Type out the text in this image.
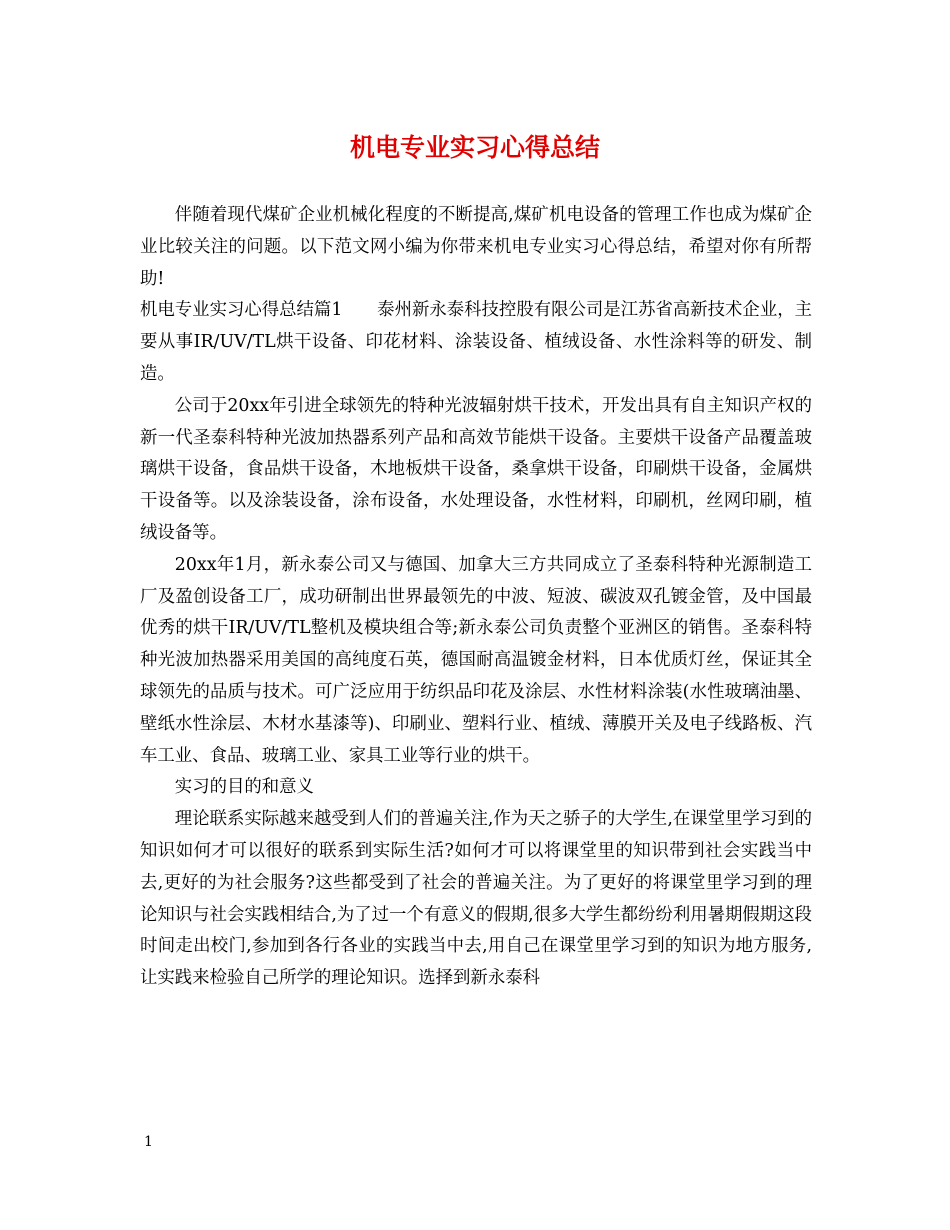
机电专业实习心得总结

伴随着现代煤矿企业机械化程度的不断提高,煤矿机电设备的管理工作也成为煤矿企业比较关注的问题。以下范文网小编为你带来机电专业实习心得总结，希望对你有所帮助!

机电专业实习心得总结篇1　　泰州新永泰科技控股有限公司是江苏省高新技术企业，主要从事IR/UV/TL烘干设备、印花材料、涂装设备、植绒设备、水性涂料等的研发、制造。

公司于20xx年引进全球领先的特种光波辐射烘干技术，开发出具有自主知识产权的新一代圣泰科特种光波加热器系列产品和高效节能烘干设备。主要烘干设备产品覆盖玻璃烘干设备，食品烘干设备，木地板烘干设备，桑拿烘干设备，印刷烘干设备，金属烘干设备等。以及涂装设备，涂布设备，水处理设备，水性材料，印刷机，丝网印刷，植绒设备等。

20xx年1月，新永泰公司又与德国、加拿大三方共同成立了圣泰科特种光源制造工厂及盈创设备工厂，成功研制出世界最领先的中波、短波、碳波双孔镀金管，及中国最优秀的烘干IR/UV/TL整机及模块组合等;新永泰公司负责整个亚洲区的销售。圣泰科特种光波加热器采用美国的高纯度石英，德国耐高温镀金材料，日本优质灯丝，保证其全球领先的品质与技术。可广泛应用于纺织品印花及涂层、水性材料涂装(水性玻璃油墨、壁纸水性涂层、木材水基漆等)、印刷业、塑料行业、植绒、薄膜开关及电子线路板、汽车工业、食品、玻璃工业、家具工业等行业的烘干。

实习的目的和意义

理论联系实际越来越受到人们的普遍关注,作为天之骄子的大学生,在课堂里学习到的知识如何才可以很好的联系到实际生活?如何才可以将课堂里的知识带到社会实践当中去,更好的为社会服务?这些都受到了社会的普遍关注。为了更好的将课堂里学习到的理论知识与社会实践相结合,为了过一个有意义的假期,很多大学生都纷纷利用暑期假期这段时间走出校门,参加到各行各业的实践当中去,用自己在课堂里学习到的知识为地方服务,让实践来检验自己所学的理论知识。选择到新永泰科

1
